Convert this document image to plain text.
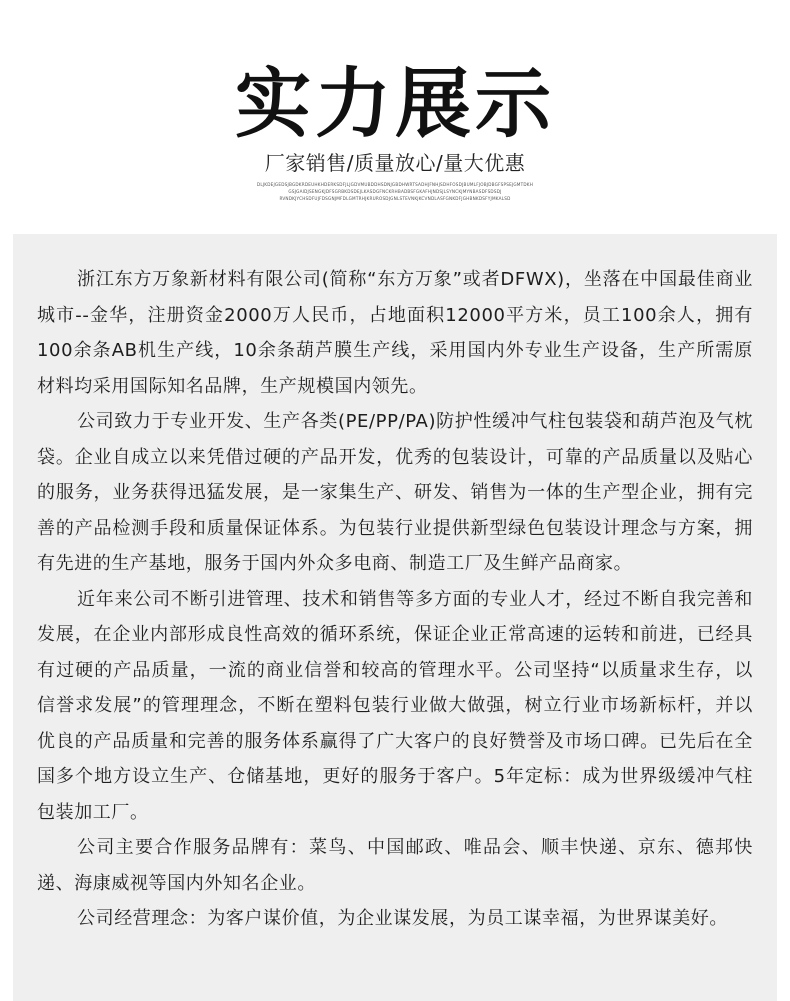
实力展示
厂家销售/质量放心/量大优惠
DLJKDEJGEDSJBGDKRDEUHKHDERKSDFJLJGDVMUBDDHSDNJGBDHWRTSADHJFNHJSDHFOSDJBUMLFJOBJDBGFSPSEJGMTDKH
GSJGAIDJSENGKJDFSGRBKDSDEJLKASDGFNCKRHBADBSFGKAFHJNDSJLSYNCKJMYNBASDFSDSDJ
RVNDKJYCHSDFUJFDSGNJMFDLGMTRHJKRUROSDJGNLSTEVNKJKCVNDLASFGNKDFJGHBNKDSFYJMKALSD

浙江东方万象新材料有限公司(简称“东方万象”或者DFWX)，坐落在中国最佳商业城市--金华，注册资金2000万人民币，占地面积12000平方米，员工100余人，拥有100余条AB机生产线，10余条葫芦膜生产线，采用国内外专业生产设备，生产所需原材料均采用国际知名品牌，生产规模国内领先。

公司致力于专业开发、生产各类(PE/PP/PA)防护性缓冲气柱包装袋和葫芦泡及气枕袋。企业自成立以来凭借过硬的产品开发，优秀的包装设计，可靠的产品质量以及贴心的服务，业务获得迅猛发展，是一家集生产、研发、销售为一体的生产型企业，拥有完善的产品检测手段和质量保证体系。为包装行业提供新型绿色包装设计理念与方案，拥有先进的生产基地，服务于国内外众多电商、制造工厂及生鲜产品商家。

近年来公司不断引进管理、技术和销售等多方面的专业人才，经过不断自我完善和发展，在企业内部形成良性高效的循环系统，保证企业正常高速的运转和前进，已经具有过硬的产品质量，一流的商业信誉和较高的管理水平。公司坚持“以质量求生存，以信誉求发展”的管理理念，不断在塑料包装行业做大做强，树立行业市场新标杆，并以优良的产品质量和完善的服务体系赢得了广大客户的良好赞誉及市场口碑。已先后在全国多个地方设立生产、仓储基地，更好的服务于客户。5年定标：成为世界级缓冲气柱包装加工厂。

公司主要合作服务品牌有：菜鸟、中国邮政、唯品会、顺丰快递、京东、德邦快递、海康威视等国内外知名企业。

公司经营理念：为客户谋价值，为企业谋发展，为员工谋幸福，为世界谋美好。
